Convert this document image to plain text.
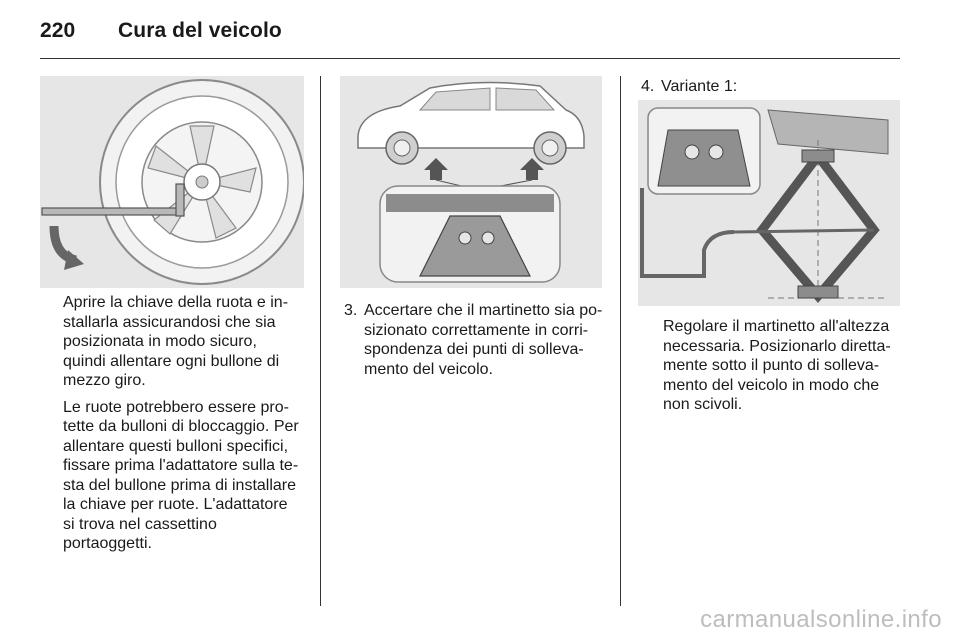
220 Cura del veicolo

Aprire la chiave della ruota e installarla assicurandosi che sia posizionata in modo sicuro, quindi allentare ogni bullone di mezzo giro.

Le ruote potrebbero essere protette da bulloni di bloccaggio. Per allentare questi bulloni specifici, fissare prima l'adattatore sulla testa del bullone prima di installare la chiave per ruote. L'adattatore si trova nel cassettino portaoggetti.

3. Accertare che il martinetto sia posizionato correttamente in corrispondenza dei punti di sollevamento del veicolo.
4. Variante 1:

Regolare il martinetto all'altezza necessaria. Posizionarlo direttamente sotto il punto di sollevamento del veicolo in modo che non scivoli.

carmanualsonline.info
